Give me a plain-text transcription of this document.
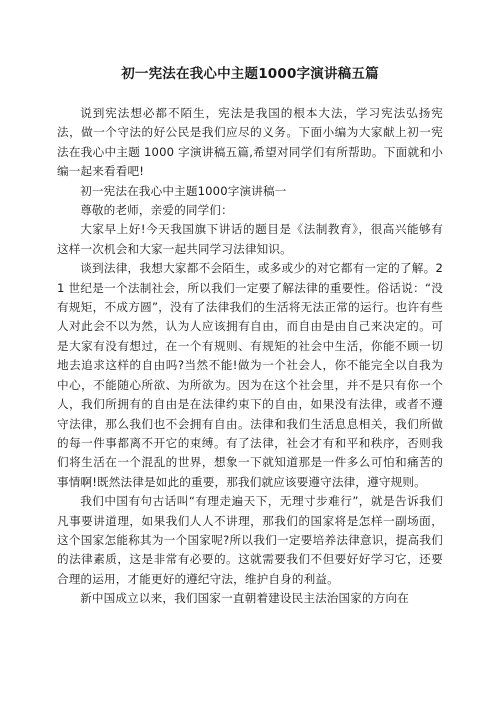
初一宪法在我心中主题1000字演讲稿五篇

说到宪法想必都不陌生，宪法是我国的根本大法，学习宪法弘扬宪法，做一个守法的好公民是我们应尽的义务。下面小编为大家献上初一宪法在我心中主题 1000 字演讲稿五篇,希望对同学们有所帮助。下面就和小编一起来看看吧!

初一宪法在我心中主题1000字演讲稿一

尊敬的老师，亲爱的同学们：

大家早上好!今天我国旗下讲话的题目是《法制教育》，很高兴能够有这样一次机会和大家一起共同学习法律知识。

谈到法律，我想大家都不会陌生，或多或少的对它都有一定的了解。21 世纪是一个法制社会，所以我们一定要了解法律的重要性。俗话说：“没有规矩，不成方圆”，没有了法律我们的生活将无法正常的运行。也许有些人对此会不以为然，认为人应该拥有自由，而自由是由自己来决定的。可是大家有没有想过，在一个有规则、有规矩的社会中生活，你能不顾一切地去追求这样的自由吗?当然不能!做为一个社会人，你不能完全以自我为中心，不能随心所欲、为所欲为。因为在这个社会里，并不是只有你一个人，我们所拥有的自由是在法律约束下的自由，如果没有法律，或者不遵守法律，那么我们也不会拥有自由。法律和我们生活息息相关，我们所做的每一件事都离不开它的束缚。有了法律，社会才有和平和秩序，否则我们将生活在一个混乱的世界，想象一下就知道那是一件多么可怕和痛苦的事情啊!既然法律是如此的重要，那我们就应该要遵守法律，遵守规则。

我们中国有句古话叫“有理走遍天下，无理寸步难行”，就是告诉我们凡事要讲道理，如果我们人人不讲理，那我们的国家将是怎样一副场面，这个国家怎能称其为一个国家呢?所以我们一定要培养法律意识，提高我们的法律素质，这是非常有必要的。这就需要我们不但要好好学习它，还要合理的运用，才能更好的遵纪守法，维护自身的利益。

新中国成立以来，我们国家一直朝着建设民主法治国家的方向在
